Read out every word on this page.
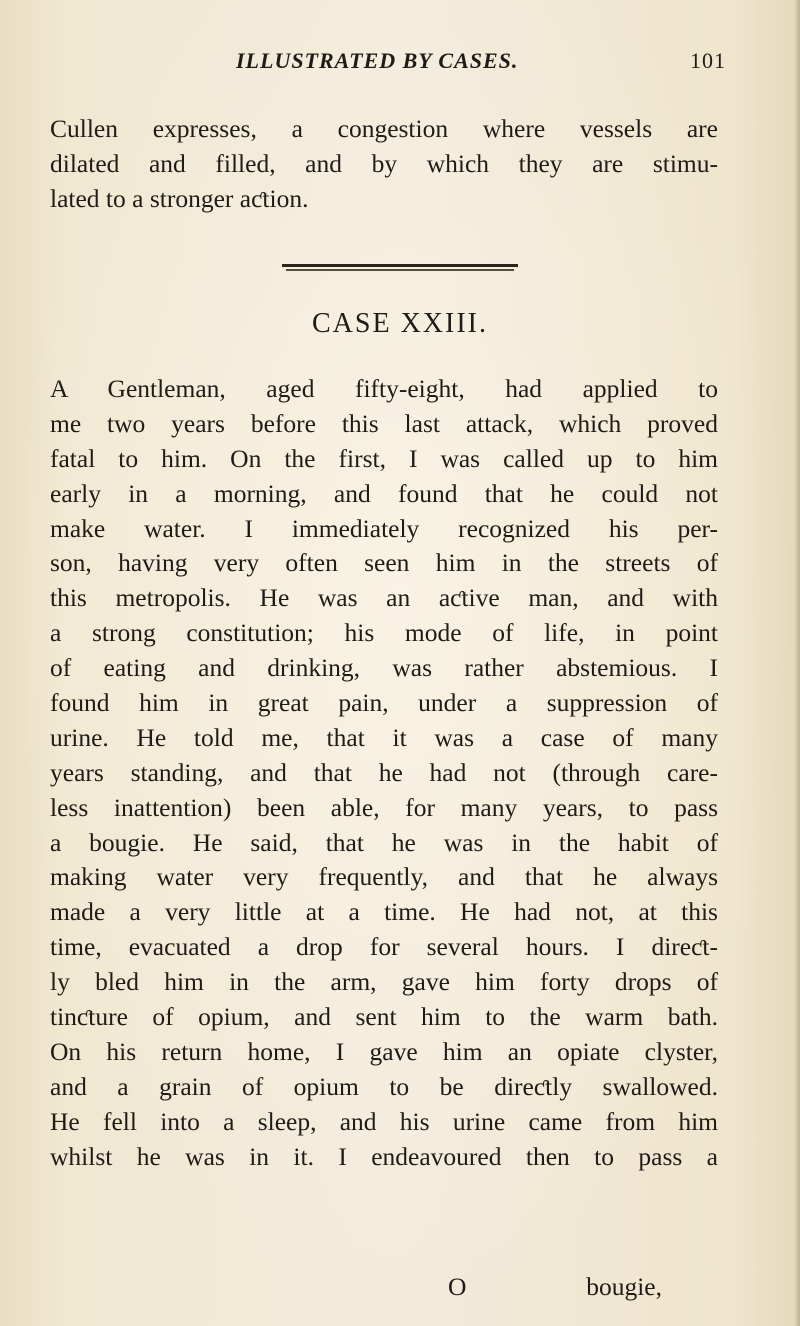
ILLUSTRATED BY CASES.	101
Cullen expresses, a congestion where vessels are
dilated and filled, and by which they are stimu-
lated to a stronger aƈtion.
CASE XXIII.
A Gentleman, aged fifty-eight, had applied to
me two years before this last attack, which proved
fatal to him. On the first, I was called up to him
early in a morning, and found that he could not
make water. I immediately recognized his per-
son, having very often seen him in the streets of
this metropolis. He was an aƈtive man, and with
a strong constitution; his mode of life, in point
of eating and drinking, was rather abstemious. I
found him in great pain, under a suppression of
urine. He told me, that it was a case of many
years standing, and that he had not (through care-
less inattention) been able, for many years, to pass
a bougie. He said, that he was in the habit of
making water very frequently, and that he always
made a very little at a time. He had not, at this
time, evacuated a drop for several hours. I direƈt-
ly bled him in the arm, gave him forty drops of
tinƈture of opium, and sent him to the warm bath.
On his return home, I gave him an opiate clyster,
and a grain of opium to be direƈtly swallowed.
He fell into a sleep, and his urine came from him
whilst he was in it. I endeavoured then to pass a
O	bougie,
